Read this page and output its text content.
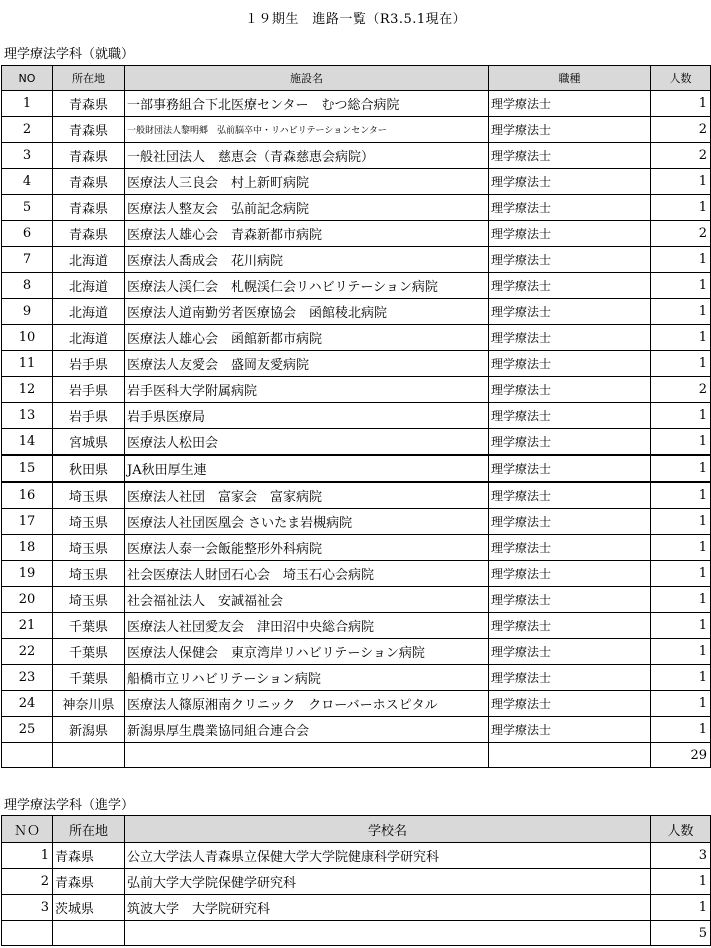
１９期生　進路一覧（R3.5.1現在）
理学療法学科（就職）
NO	所在地	施設名	職種	人数
1	青森県	一部事務組合下北医療センター　むつ総合病院	理学療法士	1
2	青森県	一般財団法人黎明郷　弘前脳卒中・リハビリテーションセンター	理学療法士	2
3	青森県	一般社団法人　慈恵会（青森慈恵会病院）	理学療法士	2
4	青森県	医療法人三良会　村上新町病院	理学療法士	1
5	青森県	医療法人整友会　弘前記念病院	理学療法士	1
6	青森県	医療法人雄心会　青森新都市病院	理学療法士	2
7	北海道	医療法人喬成会　花川病院	理学療法士	1
8	北海道	医療法人渓仁会　札幌渓仁会リハビリテーション病院	理学療法士	1
9	北海道	医療法人道南勤労者医療協会　函館稜北病院	理学療法士	1
10	北海道	医療法人雄心会　函館新都市病院	理学療法士	1
11	岩手県	医療法人友愛会　盛岡友愛病院	理学療法士	1
12	岩手県	岩手医科大学附属病院	理学療法士	2
13	岩手県	岩手県医療局	理学療法士	1
14	宮城県	医療法人松田会	理学療法士	1
15	秋田県	JA秋田厚生連	理学療法士	1
16	埼玉県	医療法人社団　富家会　富家病院	理学療法士	1
17	埼玉県	医療法人社団医凰会 さいたま岩槻病院	理学療法士	1
18	埼玉県	医療法人泰一会飯能整形外科病院	理学療法士	1
19	埼玉県	社会医療法人財団石心会　埼玉石心会病院	理学療法士	1
20	埼玉県	社会福祉法人　安誠福祉会	理学療法士	1
21	千葉県	医療法人社団愛友会　津田沼中央総合病院	理学療法士	1
22	千葉県	医療法人保健会　東京湾岸リハビリテーション病院	理学療法士	1
23	千葉県	船橋市立リハビリテーション病院	理学療法士	1
24	神奈川県	医療法人篠原湘南クリニック　クローバーホスピタル	理学療法士	1
25	新潟県	新潟県厚生農業協同組合連合会	理学療法士	1
				29
理学療法学科（進学）
ＮＯ	所在地	学校名	人数
1	青森県	公立大学法人青森県立保健大学大学院健康科学研究科	3
2	青森県	弘前大学大学院保健学研究科	1
3	茨城県	筑波大学　大学院研究科	1
			5
